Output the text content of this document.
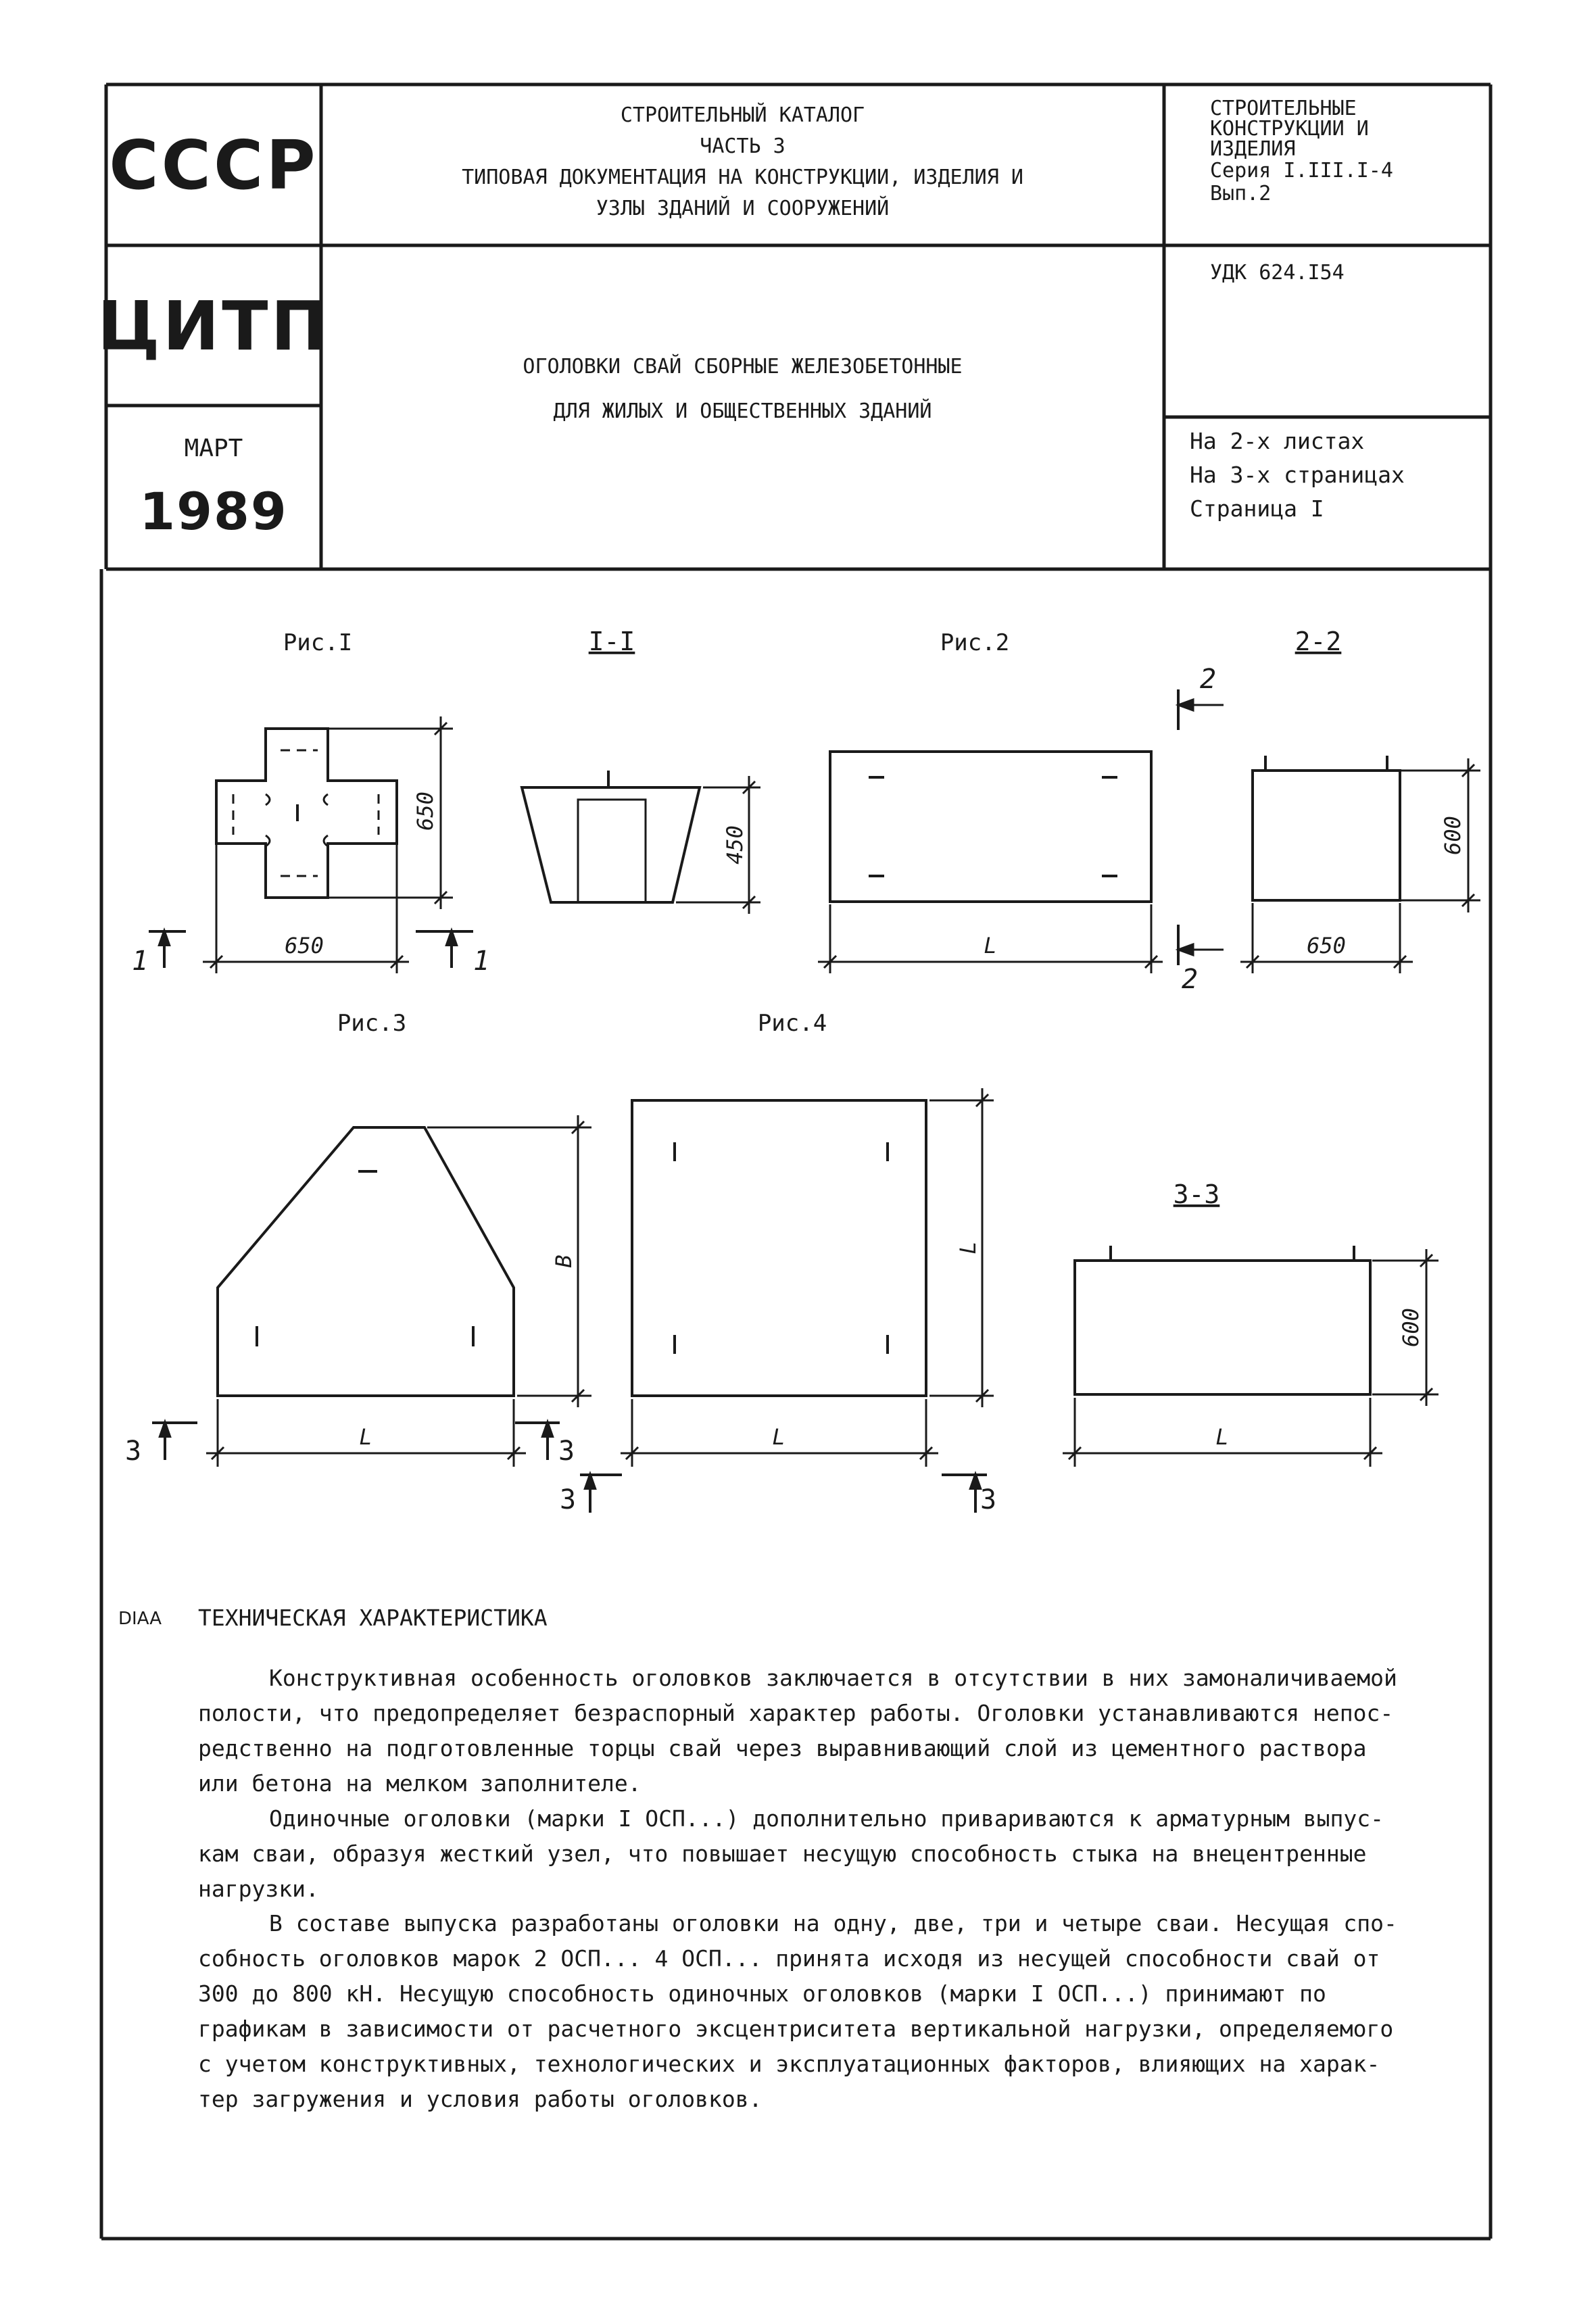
СССР
ЦИТП
МАРТ
1989
СТРОИТЕЛЬНЫЙ КАТАЛОГ
ЧАСТЬ 3
ТИПОВАЯ ДОКУМЕНТАЦИЯ НА КОНСТРУКЦИИ, ИЗДЕЛИЯ И
УЗЛЫ ЗДАНИЙ И СООРУЖЕНИЙ
СТРОИТЕЛЬНЫЕ
КОНСТРУКЦИИ И
ИЗДЕЛИЯ
Серия I.III.I-4
Вып.2
ОГОЛОВКИ СВАЙ СБОРНЫЕ ЖЕЛЕЗОБЕТОННЫЕ
ДЛЯ ЖИЛЫХ И ОБЩЕСТВЕННЫХ ЗДАНИЙ
УДК 624.I54
На 2-х листах
На 3-х страницах
Страница I
Рис.I	I-I	Рис.2	2-2
Рис.3	Рис.4
3-3
650
650
450
L
600
650
B
L
L
L
600
L
1	1
2
2
3	3
3	3
DIAA ТЕХНИЧЕСКАЯ ХАРАКТЕРИСТИКА
Конструктивная особенность оголовков заключается в отсутствии в них замоналичиваемой
полости, что предопределяет безраспорный характер работы. Оголовки устанавливаются непос-
редственно на подготовленные торцы свай через выравнивающий слой из цементного раствора
или бетона на мелком заполнителе.
Одиночные оголовки (марки I ОСП...) дополнительно привариваются к арматурным выпус-
кам сваи, образуя жесткий узел, что повышает несущую способность стыка на внецентренные
нагрузки.
В составе выпуска разработаны оголовки на одну, две, три и четыре сваи. Несущая спо-
собность оголовков марок 2 ОСП... 4 ОСП... принята исходя из несущей способности свай от
300 до 800 кН. Несущую способность одиночных оголовков (марки I ОСП...) принимают по
графикам в зависимости от расчетного эксцентриситета вертикальной нагрузки, определяемого
с учетом конструктивных, технологических и эксплуатационных факторов, влияющих на харак-
тер загружения и условия работы оголовков.
